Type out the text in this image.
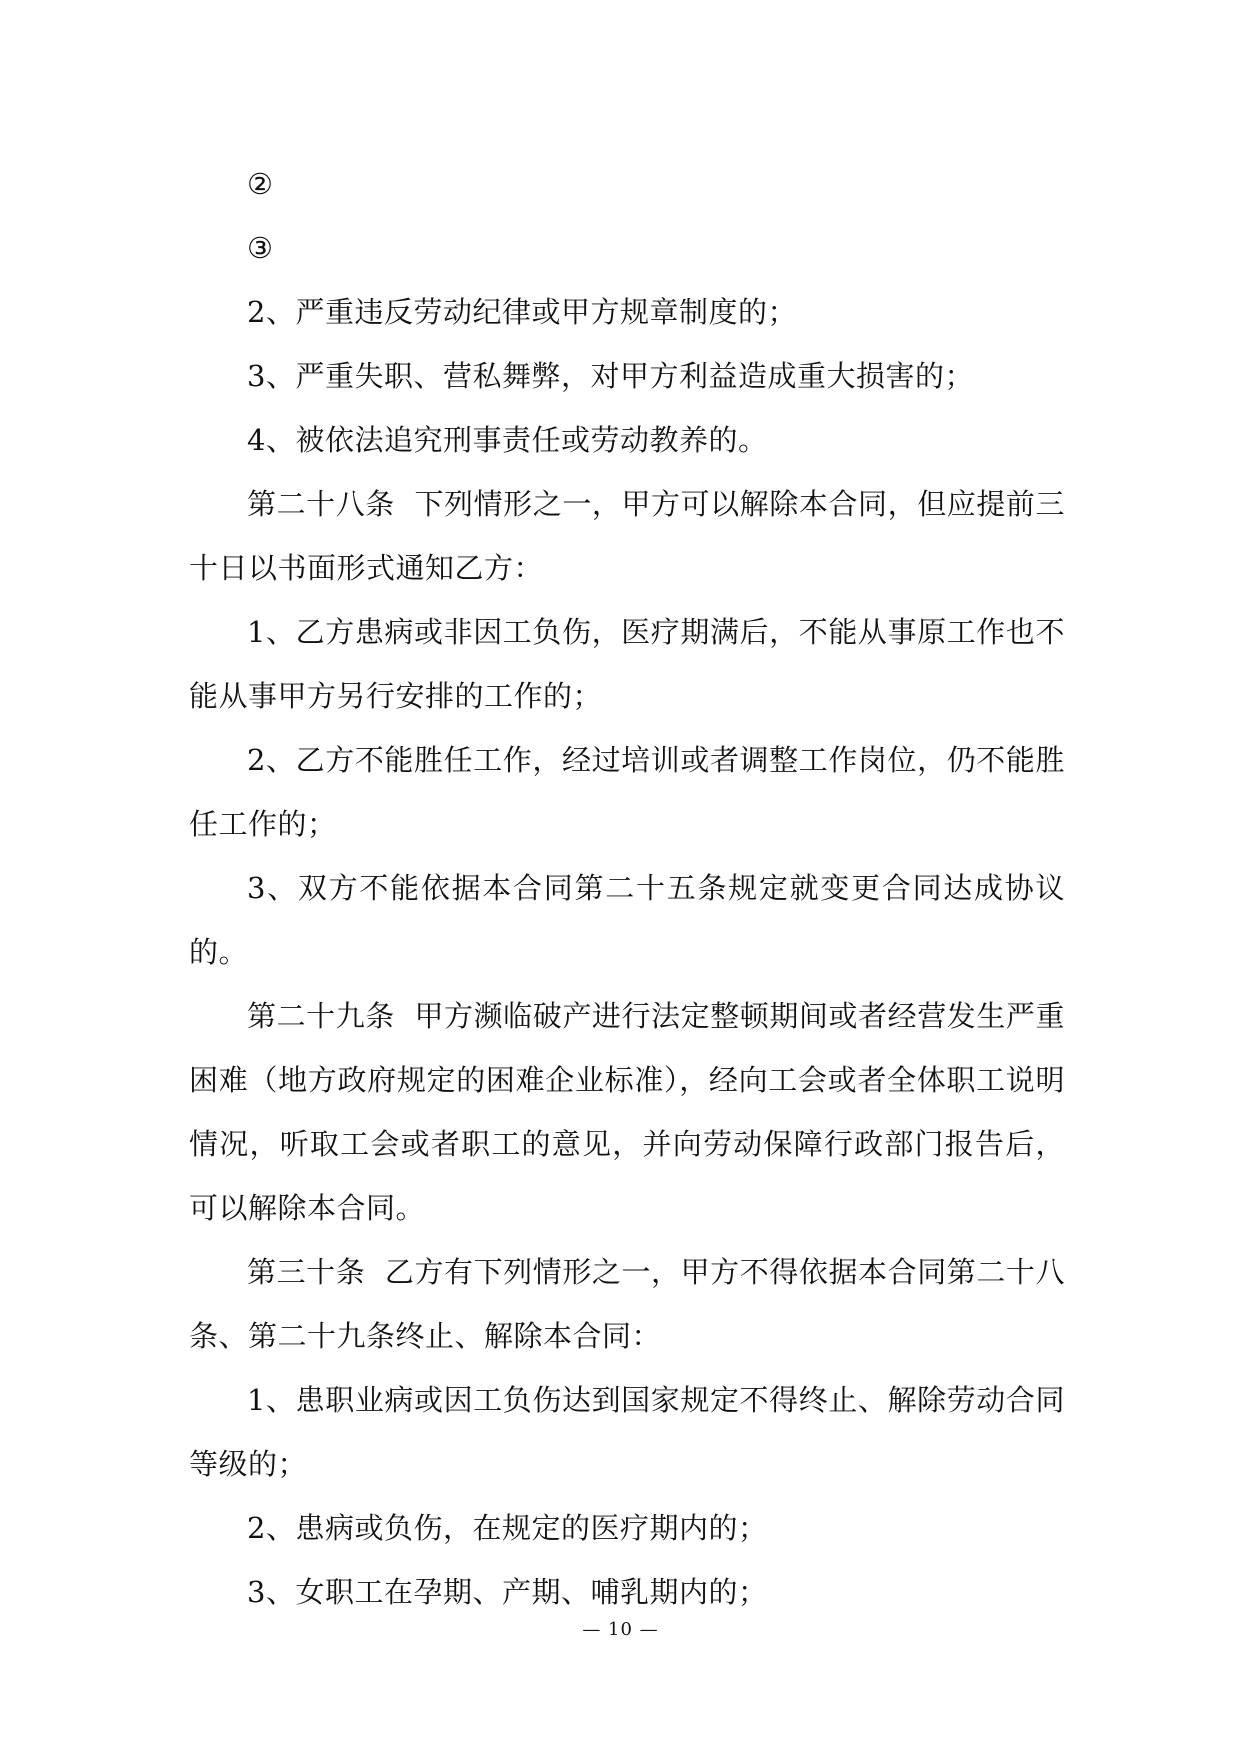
②

③

2、严重违反劳动纪律或甲方规章制度的；

3、严重失职、营私舞弊，对甲方利益造成重大损害的；

4、被依法追究刑事责任或劳动教养的。

第二十八条  下列情形之一，甲方可以解除本合同，但应提前三十日以书面形式通知乙方：

1、乙方患病或非因工负伤，医疗期满后，不能从事原工作也不能从事甲方另行安排的工作的；

2、乙方不能胜任工作，经过培训或者调整工作岗位，仍不能胜任工作的；

3、双方不能依据本合同第二十五条规定就变更合同达成协议的。

第二十九条  甲方濒临破产进行法定整顿期间或者经营发生严重困难（地方政府规定的困难企业标准），经向工会或者全体职工说明情况，听取工会或者职工的意见，并向劳动保障行政部门报告后，可以解除本合同。

第三十条  乙方有下列情形之一，甲方不得依据本合同第二十八条、第二十九条终止、解除本合同：

1、患职业病或因工负伤达到国家规定不得终止、解除劳动合同等级的；

2、患病或负伤，在规定的医疗期内的；

3、女职工在孕期、产期、哺乳期内的；

— 10 —
